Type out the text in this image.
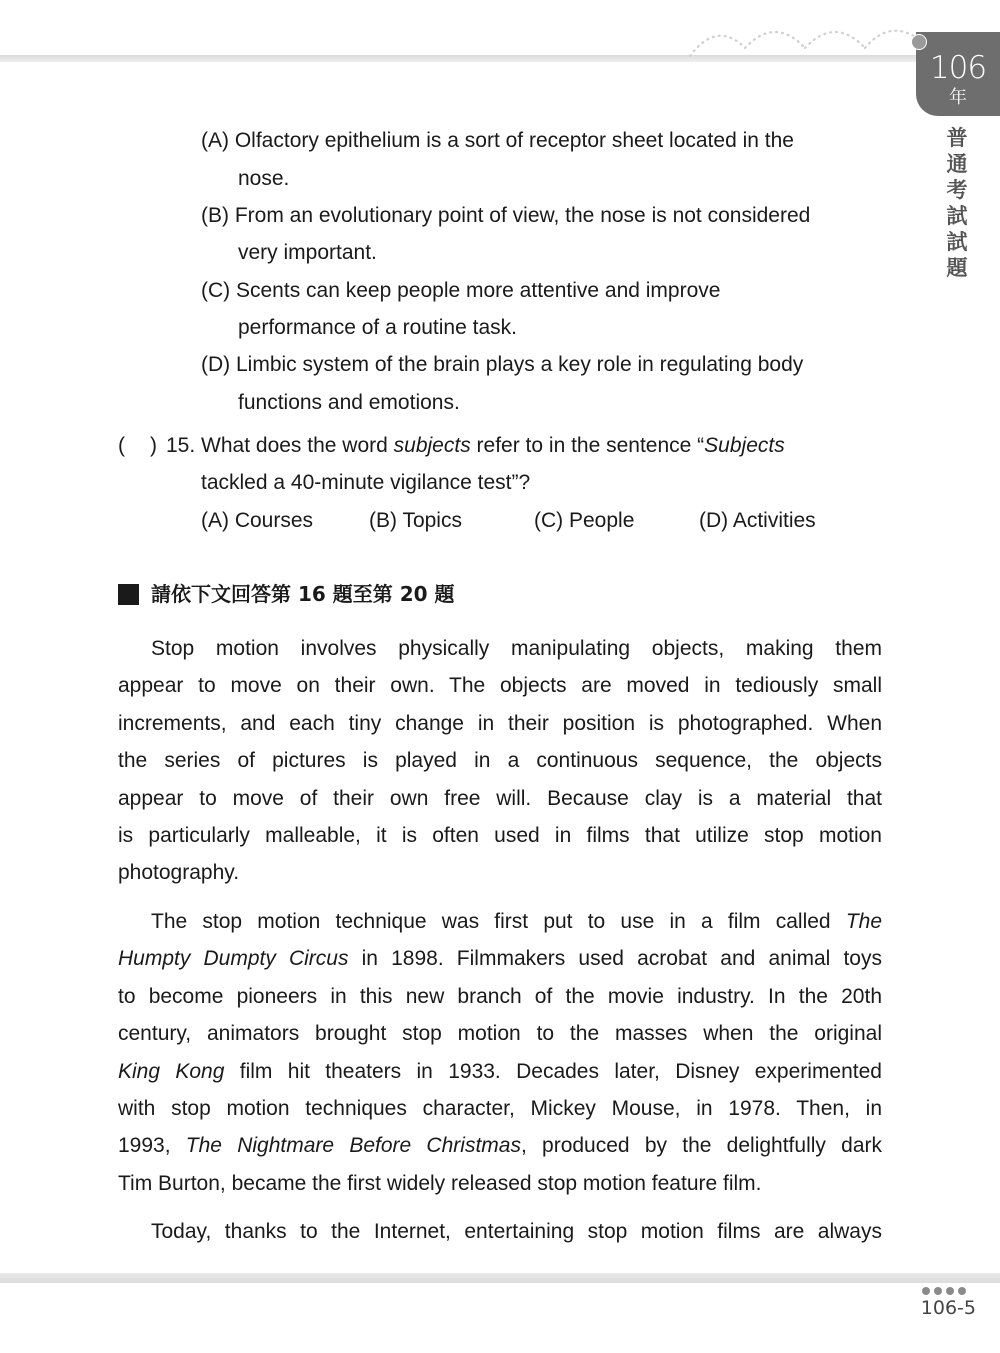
106
年
普
通
考
試
試
題
(A) Olfactory epithelium is a sort of receptor sheet located in the
nose.
(B) From an evolutionary point of view, the nose is not considered
very important.
(C) Scents can keep people more attentive and improve
performance of a routine task.
(D) Limbic system of the brain plays a key role in regulating body
functions and emotions.
( ) 15. What does the word subjects refer to in the sentence “Subjects
tackled a 40-minute vigilance test”?
(A) Courses	(B) Topics	(C) People	(D) Activities
請依下文回答第 16 題至第 20 題
Stop motion involves physically manipulating objects, making them
appear to move on their own. The objects are moved in tediously small
increments, and each tiny change in their position is photographed. When
the series of pictures is played in a continuous sequence, the objects
appear to move of their own free will. Because clay is a material that
is particularly malleable, it is often used in films that utilize stop motion
photography.
The stop motion technique was first put to use in a film called The
Humpty Dumpty Circus in 1898. Filmmakers used acrobat and animal toys
to become pioneers in this new branch of the movie industry. In the 20th
century, animators brought stop motion to the masses when the original
King Kong film hit theaters in 1933. Decades later, Disney experimented
with stop motion techniques character, Mickey Mouse, in 1978. Then, in
1993, The Nightmare Before Christmas, produced by the delightfully dark
Tim Burton, became the first widely released stop motion feature film.
Today, thanks to the Internet, entertaining stop motion films are always
106-5
